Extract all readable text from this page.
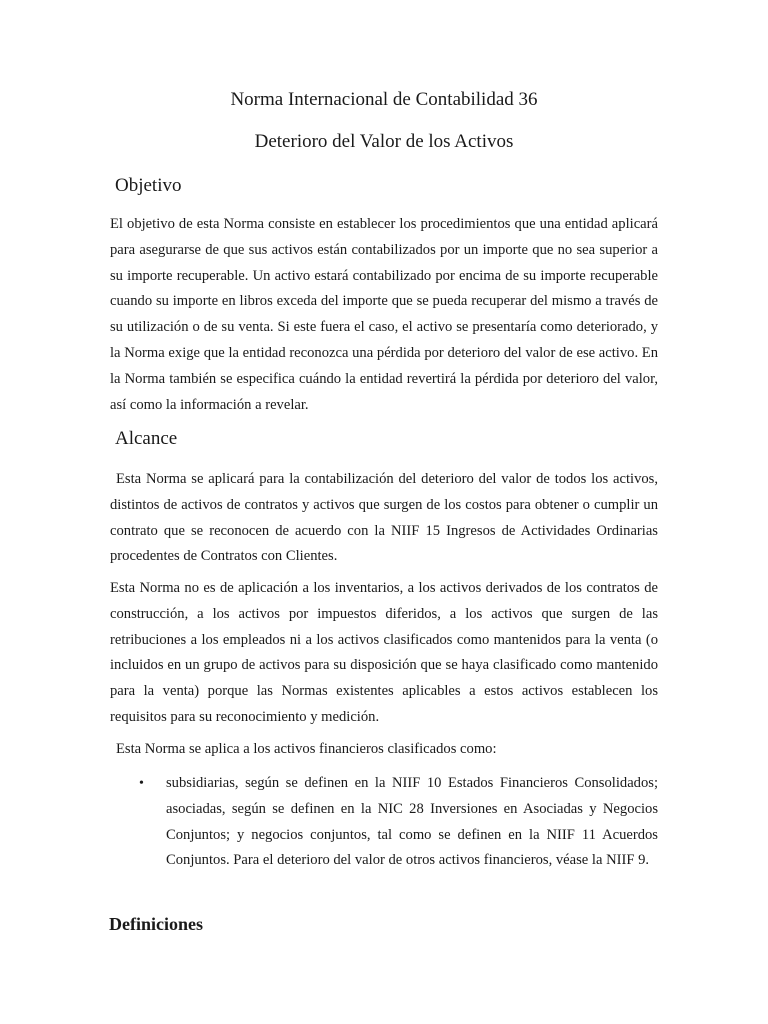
Norma Internacional de Contabilidad 36
Deterioro del Valor de los Activos
Objetivo
El objetivo de esta Norma consiste en establecer los procedimientos que una entidad aplicará para asegurarse de que sus activos están contabilizados por un importe que no sea superior a su importe recuperable. Un activo estará contabilizado por encima de su importe recuperable cuando su importe en libros exceda del importe que se pueda recuperar del mismo a través de su utilización o de su venta. Si este fuera el caso, el activo se presentaría como deteriorado, y la Norma exige que la entidad reconozca una pérdida por deterioro del valor de ese activo. En la Norma también se especifica cuándo la entidad revertirá la pérdida por deterioro del valor, así como la información a revelar.
Alcance
Esta Norma se aplicará para la contabilización del deterioro del valor de todos los activos, distintos de activos de contratos y activos que surgen de los costos para obtener o cumplir un contrato que se reconocen de acuerdo con la NIIF 15 Ingresos de Actividades Ordinarias procedentes de Contratos con Clientes.
Esta Norma no es de aplicación a los inventarios, a los activos derivados de los contratos de construcción, a los activos por impuestos diferidos, a los activos que surgen de las retribuciones a los empleados ni a los activos clasificados como mantenidos para la venta (o incluidos en un grupo de activos para su disposición que se haya clasificado como mantenido para la venta) porque las Normas existentes aplicables a estos activos establecen los requisitos para su reconocimiento y medición.
Esta Norma se aplica a los activos financieros clasificados como:
• subsidiarias, según se definen en la NIIF 10 Estados Financieros Consolidados; asociadas, según se definen en la NIC 28 Inversiones en Asociadas y Negocios Conjuntos; y negocios conjuntos, tal como se definen en la NIIF 11 Acuerdos Conjuntos. Para el deterioro del valor de otros activos financieros, véase la NIIF 9.
Definiciones
